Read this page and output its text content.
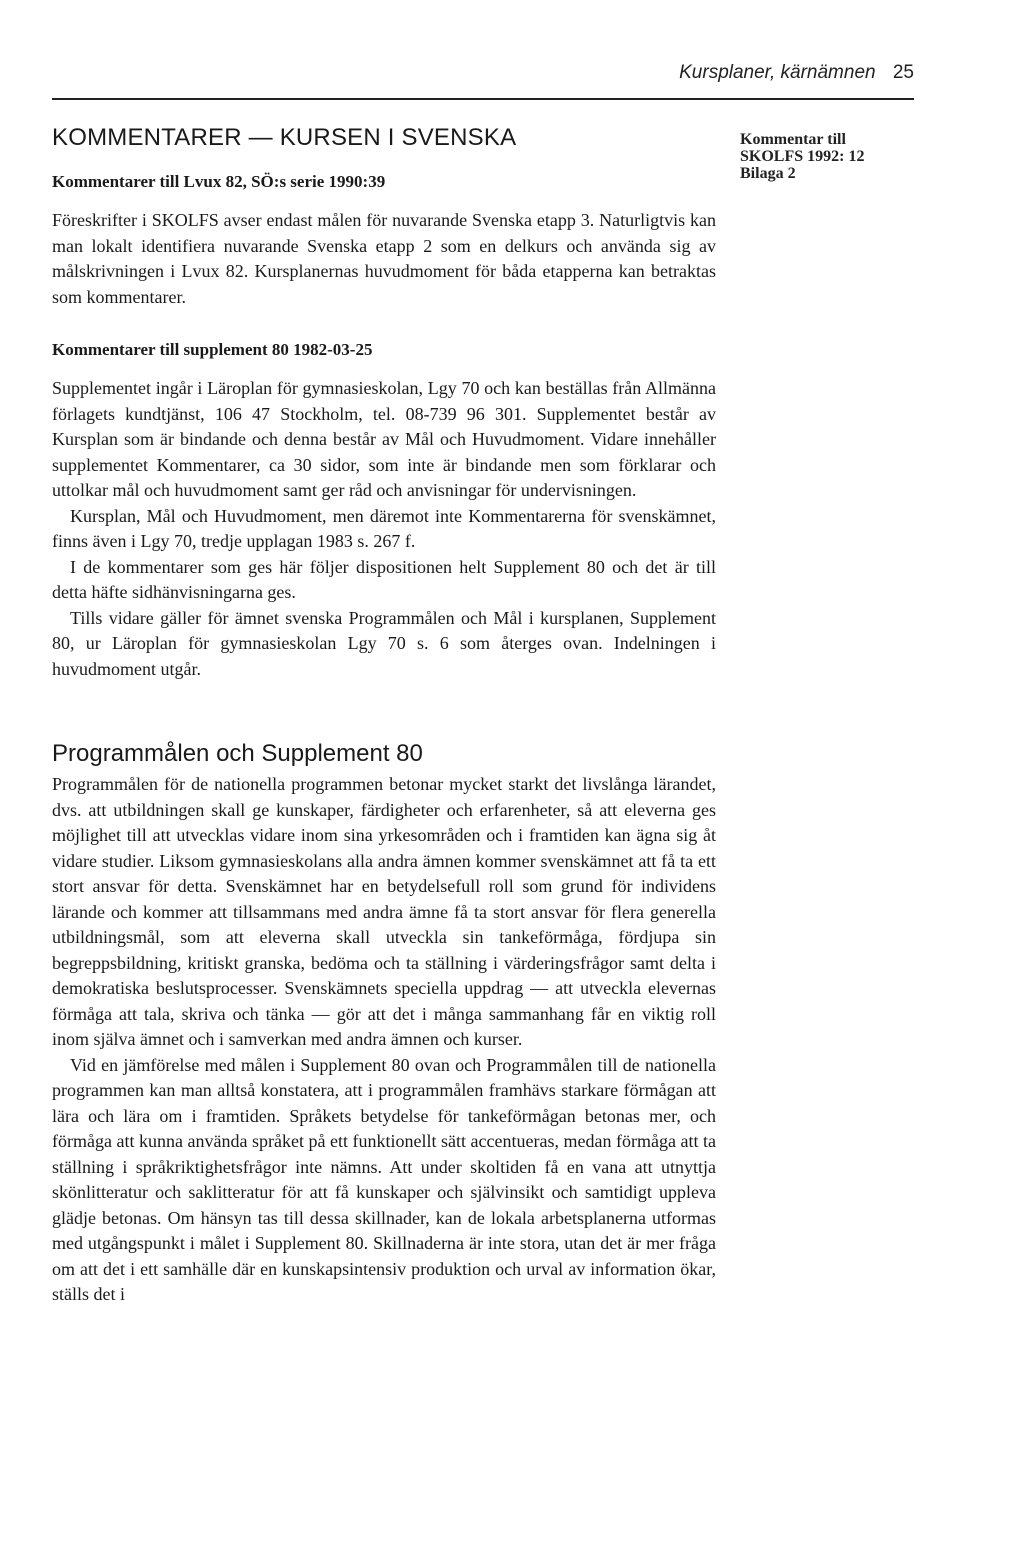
Kursplaner, kärnämnen 25
Kommentar till
SKOLFS 1992: 12
Bilaga 2
KOMMENTARER — KURSEN I SVENSKA
Kommentarer till Lvux 82, SÖ:s serie 1990:39

Föreskrifter i SKOLFS avser endast målen för nuvarande Svenska etapp 3. Naturligtvis kan man lokalt identifiera nuvarande Svenska etapp 2 som en delkurs och använda sig av målskrivningen i Lvux 82. Kursplanernas huvudmoment för båda etapperna kan betraktas som kommentarer.

Kommentarer till supplement 80 1982-03-25

Supplementet ingår i Läroplan för gymnasieskolan, Lgy 70 och kan beställas från Allmänna förlagets kundtjänst, 106 47 Stockholm, tel. 08-739 96 301. Supplementet består av Kursplan som är bindande och denna består av Mål och Huvudmoment. Vidare innehåller supplementet Kommentarer, ca 30 sidor, som inte är bindande men som förklarar och uttolkar mål och huvudmoment samt ger råd och anvisningar för undervisningen.

Kursplan, Mål och Huvudmoment, men däremot inte Kommentarerna för svenskämnet, finns även i Lgy 70, tredje upplagan 1983 s. 267 f.

I de kommentarer som ges här följer dispositionen helt Supplement 80 och det är till detta häfte sidhänvisningarna ges.

Tills vidare gäller för ämnet svenska Programmålen och Mål i kursplanen, Supplement 80, ur Läroplan för gymnasieskolan Lgy 70 s. 6 som återges ovan. Indelningen i huvudmoment utgår.

Programmålen och Supplement 80

Programmålen för de nationella programmen betonar mycket starkt det livslånga lärandet, dvs. att utbildningen skall ge kunskaper, färdigheter och erfarenheter, så att eleverna ges möjlighet till att utvecklas vidare inom sina yrkesområden och i framtiden kan ägna sig åt vidare studier. Liksom gymnasieskolans alla andra ämnen kommer svenskämnet att få ta ett stort ansvar för detta. Svenskämnet har en betydelsefull roll som grund för individens lärande och kommer att tillsammans med andra ämne få ta stort ansvar för flera generella utbildningsmål, som att eleverna skall utveckla sin tankeförmåga, fördjupa sin begreppsbildning, kritiskt granska, bedöma och ta ställning i värderingsfrågor samt delta i demokratiska beslutsprocesser. Svenskämnets speciella uppdrag — att utveckla elevernas förmåga att tala, skriva och tänka — gör att det i många sammanhang får en viktig roll inom själva ämnet och i samverkan med andra ämnen och kurser.

Vid en jämförelse med målen i Supplement 80 ovan och Programmålen till de nationella programmen kan man alltså konstatera, att i programmålen framhävs starkare förmågan att lära och lära om i framtiden. Språkets betydelse för tankeförmågan betonas mer, och förmåga att kunna använda språket på ett funktionellt sätt accentueras, medan förmåga att ta ställning i språkriktighetsfrågor inte nämns. Att under skoltiden få en vana att utnyttja skönlitteratur och saklitteratur för att få kunskaper och självinsikt och samtidigt uppleva glädje betonas. Om hänsyn tas till dessa skillnader, kan de lokala arbetsplanerna utformas med utgångspunkt i målet i Supplement 80. Skillnaderna är inte stora, utan det är mer fråga om att det i ett samhälle där en kunskapsintensiv produktion och urval av information ökar, ställs det i
